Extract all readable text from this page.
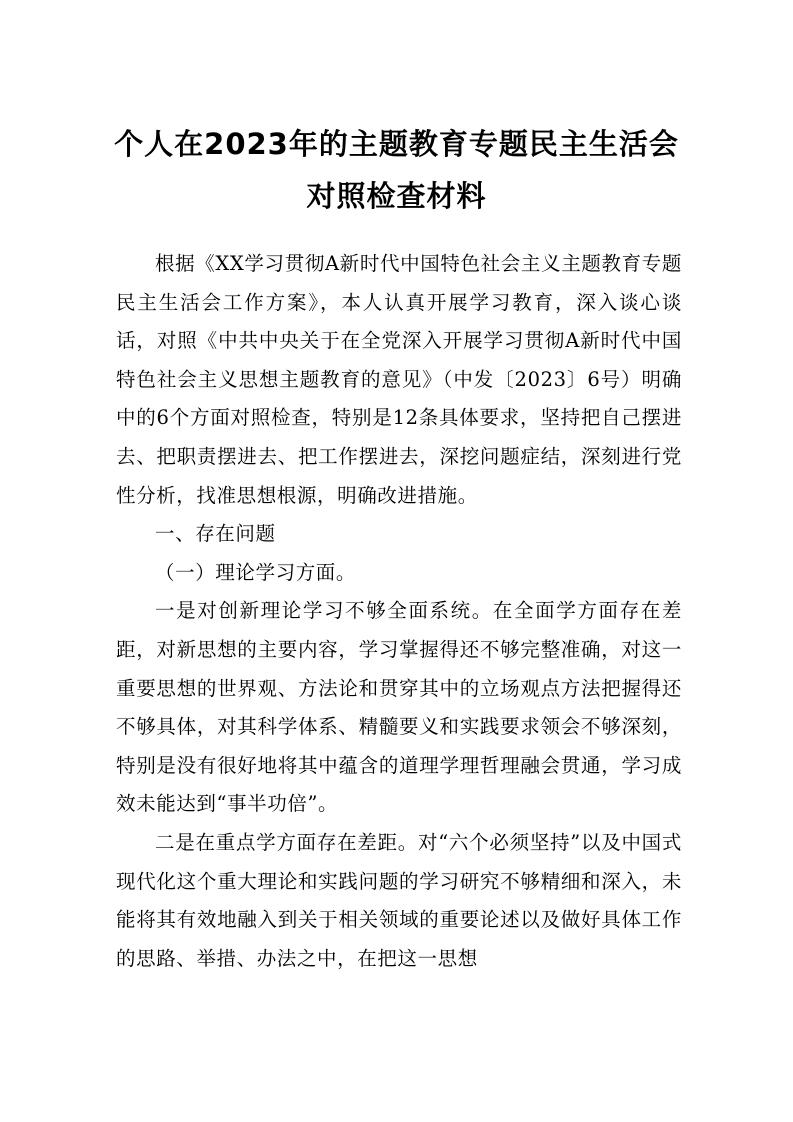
个人在2023年的主题教育专题民主生活会
对照检查材料

根据《XX学习贯彻A新时代中国特色社会主义主题教育专题民主生活会工作方案》，本人认真开展学习教育，深入谈心谈话，对照《中共中央关于在全党深入开展学习贯彻A新时代中国特色社会主义思想主题教育的意见》（中发〔2023〕6号）明确中的6个方面对照检查，特别是12条具体要求，坚持把自己摆进去、把职责摆进去、把工作摆进去，深挖问题症结，深刻进行党性分析，找准思想根源，明确改进措施。

一、存在问题

（一）理论学习方面。

一是对创新理论学习不够全面系统。在全面学方面存在差距，对新思想的主要内容，学习掌握得还不够完整准确，对这一重要思想的世界观、方法论和贯穿其中的立场观点方法把握得还不够具体，对其科学体系、精髓要义和实践要求领会不够深刻，特别是没有很好地将其中蕴含的道理学理哲理融会贯通，学习成效未能达到“事半功倍”。

二是在重点学方面存在差距。对“六个必须坚持”以及中国式现代化这个重大理论和实践问题的学习研究不够精细和深入，未能将其有效地融入到关于相关领域的重要论述以及做好具体工作的思路、举措、办法之中，在把这一思想
